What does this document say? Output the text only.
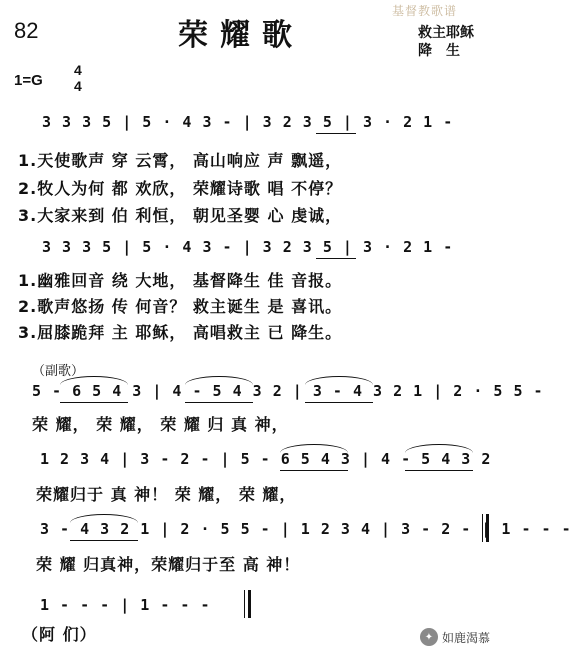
82	荣耀歌
基督教歌谱
救主耶稣
降　生
1=G
4
4
3 3 3 5 | 5 · 4 3 - | 3 2 3 5 | 3 · 2 1 -
1.天使歌声 穿 云霄， 高山响应 声 飘遥，
2.牧人为何 都 欢欣， 荣耀诗歌 唱 不停？
3.大家来到 伯 利恒， 朝见圣婴 心 虔诚，
3 3 3 5 | 5 · 4 3 - | 3 2 3 5 | 3 · 2 1 -
1.幽雅回音 绕 大地， 基督降生 佳 音报。
2.歌声悠扬 传 何音？ 救主诞生 是 喜讯。
3.屈膝跪拜 主 耶稣， 高唱救主 已 降生。
（副歌）
5 - 6 5 4 3 | 4 - 5 4 3 2 | 3 - 4 3 2 1 | 2 · 5 5 -
荣 耀， 荣 耀， 荣 耀 归 真 神，
1 2 3 4 | 3 - 2 - | 5 - 6 5 4 3 | 4 - 5 4 3 2
荣耀归于 真 神！ 荣 耀， 荣 耀，
3 - 4 3 2 1 | 2 · 5 5 - | 1 2 3 4 | 3 - 2 - | 1 - - -
荣 耀 归真神，荣耀归于至 高 神！
1 - - - | 1 - - -
（阿 们）	✦ 如鹿渴慕
